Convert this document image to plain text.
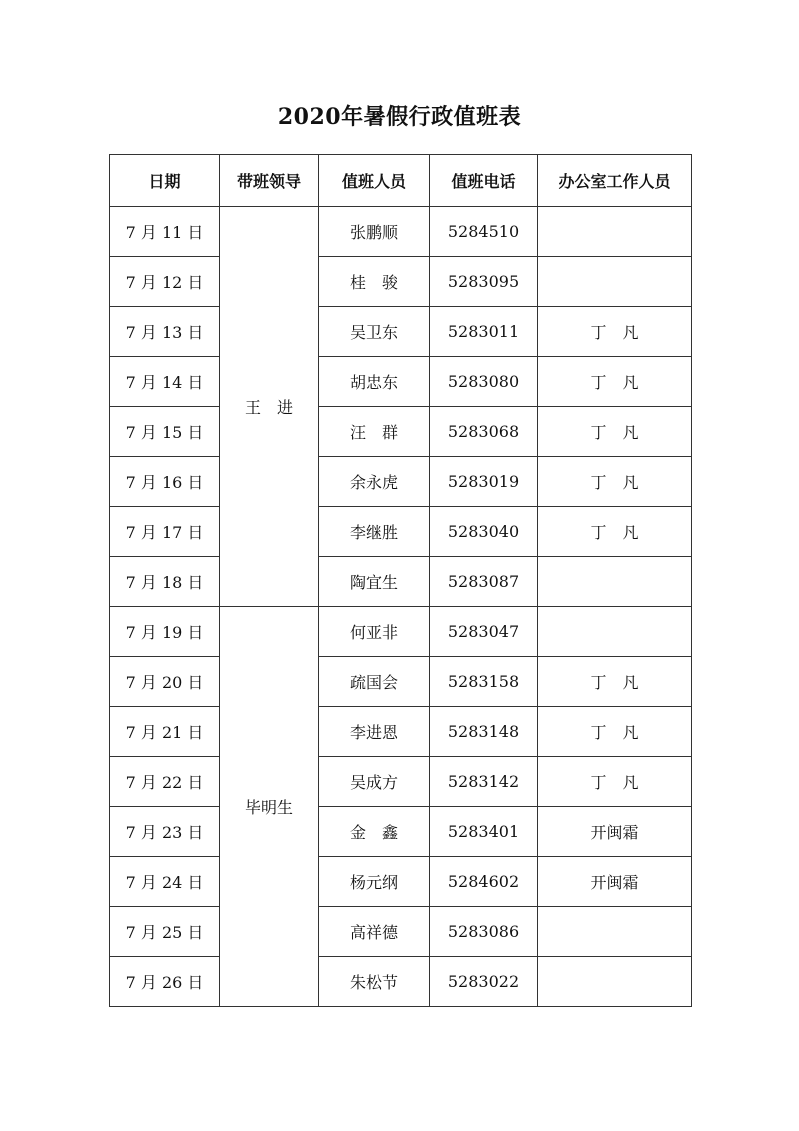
2020年暑假行政值班表
日期	带班领导	值班人员	值班电话	办公室工作人员
7 月 11 日	王　进	张鹏顺	5284510	
7 月 12 日		桂　骏	5283095	
7 月 13 日		吴卫东	5283011	丁　凡
7 月 14 日		胡忠东	5283080	丁　凡
7 月 15 日		汪　群	5283068	丁　凡
7 月 16 日		余永虎	5283019	丁　凡
7 月 17 日		李继胜	5283040	丁　凡
7 月 18 日		陶宜生	5283087	
7 月 19 日	毕明生	何亚非	5283047	
7 月 20 日		疏国会	5283158	丁　凡
7 月 21 日		李进恩	5283148	丁　凡
7 月 22 日		吴成方	5283142	丁　凡
7 月 23 日		金　鑫	5283401	开闽霜
7 月 24 日		杨元纲	5284602	开闽霜
7 月 25 日		高祥德	5283086	
7 月 26 日		朱松节	5283022	
